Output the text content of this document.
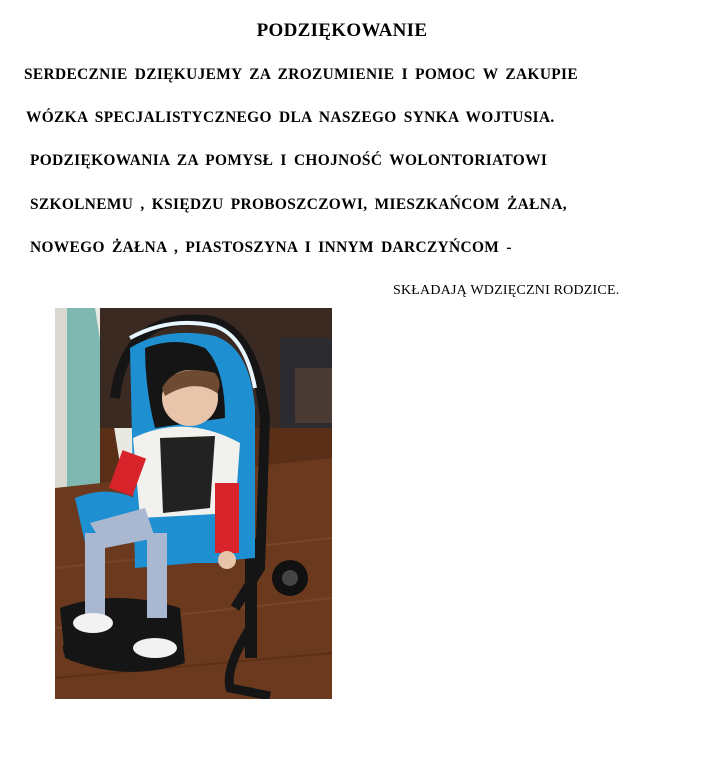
PODZIĘKOWANIE
SERDECZNIE DZIĘKUJEMY ZA ZROZUMIENIE I POMOC W ZAKUPIE
WÓZKA SPECJALISTYCZNEGO DLA NASZEGO SYNKA WOJTUSIA.
PODZIĘKOWANIA ZA POMYSŁ I CHOJNOŚĆ WOLONTORIATOWI
SZKOLNEMU , KSIĘDZU PROBOSZCZOWI, MIESZKAŃCOM ŻAŁNA,
NOWEGO ŻAŁNA , PIASTOSZYNA I INNYM DARCZYŃCOM -
SKŁADAJĄ WDZIĘCZNI RODZICE.
